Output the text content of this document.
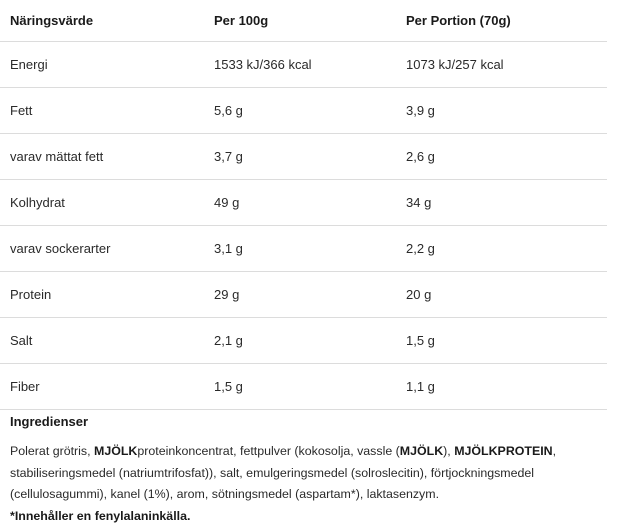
Näringsvärde	Per 100g	Per Portion (70g)
Energi	1533 kJ/366 kcal	1073 kJ/257 kcal
Fett	5,6 g	3,9 g
varav mättat fett	3,7 g	2,6 g
Kolhydrat	49 g	34 g
varav sockerarter	3,1 g	2,2 g
Protein	29 g	20 g
Salt	2,1 g	1,5 g
Fiber	1,5 g	1,1 g
Ingredienser

Polerat grötris, MJÖLKproteinkoncentrat, fettpulver (kokosolja, vassle (MJÖLK), MJÖLKPROTEIN, stabiliseringsmedel (natriumtrifosfat)), salt, emulgeringsmedel (solroslecitin), förtjockningsmedel (cellulosagummi), kanel (1%), arom, sötningsmedel (aspartam*), laktasenzym.

*Innehåller en fenylalaninkälla.
